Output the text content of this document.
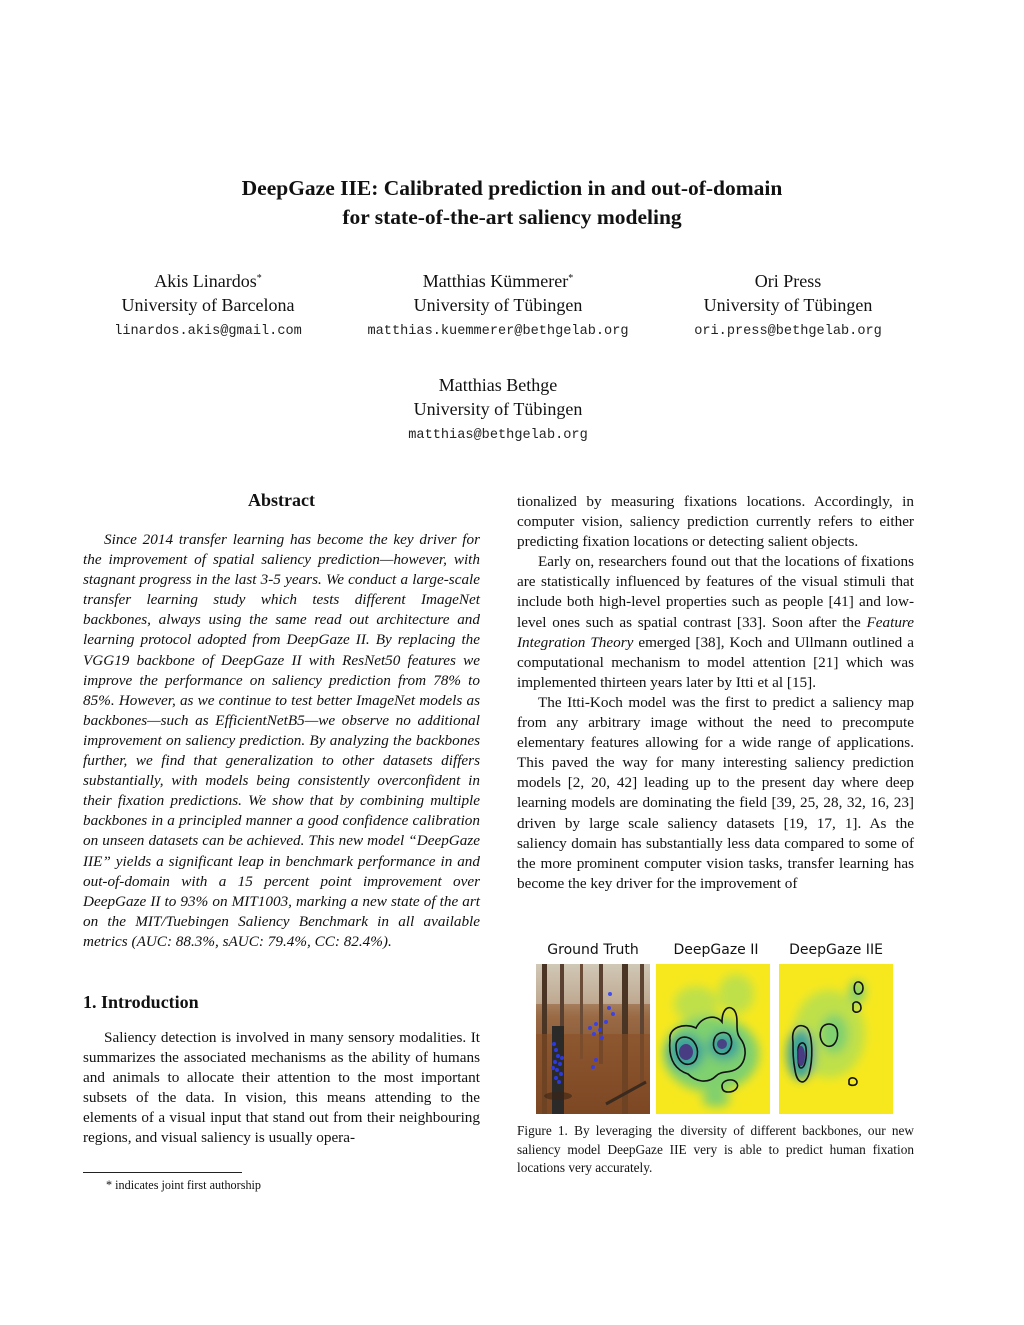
DeepGaze IIE: Calibrated prediction in and out-of-domain
for state-of-the-art saliency modeling
Akis Linardos*
University of Barcelona
linardos.akis@gmail.com
Matthias Kümmerer*
University of Tübingen
matthias.kuemmerer@bethgelab.org
Ori Press
University of Tübingen
ori.press@bethgelab.org
Matthias Bethge
University of Tübingen
matthias@bethgelab.org
Abstract
Since 2014 transfer learning has become the key driver for the improvement of spatial saliency prediction—however, with stagnant progress in the last 3-5 years. We conduct a large-scale transfer learning study which tests different ImageNet backbones, always using the same read out architecture and learning protocol adopted from DeepGaze II. By replacing the VGG19 backbone of DeepGaze II with ResNet50 features we improve the performance on saliency prediction from 78% to 85%. However, as we continue to test better ImageNet models as backbones—such as EfficientNetB5—we observe no additional improvement on saliency prediction. By analyzing the backbones further, we find that generalization to other datasets differs substantially, with models being consistently overconfident in their fixation predictions. We show that by combining multiple backbones in a principled manner a good confidence calibration on unseen datasets can be achieved. This new model “DeepGaze IIE” yields a significant leap in benchmark performance in and out-of-domain with a 15 percent point improvement over DeepGaze II to 93% on MIT1003, marking a new state of the art on the MIT/Tuebingen Saliency Benchmark in all available metrics (AUC: 88.3%, sAUC: 79.4%, CC: 82.4%).
1. Introduction
Saliency detection is involved in many sensory modalities. It summarizes the associated mechanisms as the ability of humans and animals to allocate their attention to the most important subsets of the data. In vision, this means attending to the elements of a visual input that stand out from their neighbouring regions, and visual saliency is usually opera-
* indicates joint first authorship
tionalized by measuring fixations locations. Accordingly, in computer vision, saliency prediction currently refers to either predicting fixation locations or detecting salient objects.
Early on, researchers found out that the locations of fixations are statistically influenced by features of the visual stimuli that include both high-level properties such as people [41] and low-level ones such as spatial contrast [33]. Soon after the Feature Integration Theory emerged [38], Koch and Ullmann outlined a computational mechanism to model attention [21] which was implemented thirteen years later by Itti et al [15].
The Itti-Koch model was the first to predict a saliency map from any arbitrary image without the need to precompute elementary features allowing for a wide range of applications. This paved the way for many interesting saliency prediction models [2, 20, 42] leading up to the present day where deep learning models are dominating the field [39, 25, 28, 32, 16, 23] driven by large scale saliency datasets [19, 17, 1]. As the saliency domain has substantially less data compared to some of the more prominent computer vision tasks, transfer learning has become the key driver for the improvement of
Ground Truth	DeepGaze II	DeepGaze IIE
Figure 1. By leveraging the diversity of different backbones, our new saliency model DeepGaze IIE very is able to predict human fixation locations very accurately.
